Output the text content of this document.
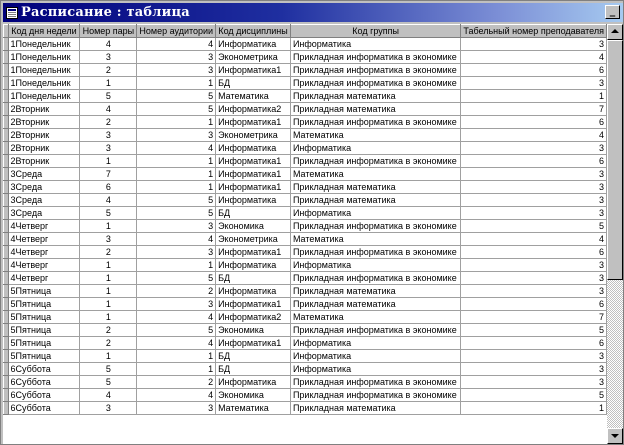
Расписание : таблица	_
	Код дня недели	Номер пары	Номер аудитории	Код дисциплины	Код группы	Табельный номер преподавателя
	1Понедельник	4	4	Информатика	Информатика	3
	1Понедельник	3	3	Эконометрика	Прикладная информатика в экономике	4
	1Понедельник	2	3	Информатика1	Прикладная информатика в экономике	6
	1Понедельник	1	1	БД	Прикладная информатика в экономике	3
	1Понедельник	5	5	Математика	Прикладная математика	1
	2Вторник	4	5	Информатика2	Прикладная математика	7
	2Вторник	2	1	Информатика1	Прикладная информатика в экономике	6
	2Вторник	3	3	Эконометрика	Математика	4
	2Вторник	3	4	Информатика	Информатика	3
	2Вторник	1	1	Информатика1	Прикладная информатика в экономике	6
	3Среда	7	1	Информатика1	Математика	3
	3Среда	6	1	Информатика1	Прикладная математика	3
	3Среда	4	5	Информатика	Прикладная математика	3
	3Среда	5	5	БД	Информатика	3
	4Четверг	1	3	Экономика	Прикладная информатика в экономике	5
	4Четверг	3	4	Эконометрика	Математика	4
	4Четверг	2	3	Информатика1	Прикладная информатика в экономике	6
	4Четверг	1	1	Информатика	Информатика	3
	4Четверг	1	5	БД	Прикладная информатика в экономике	3
	5Пятница	1	2	Информатика	Прикладная математика	3
	5Пятница	1	3	Информатика1	Прикладная математика	6
	5Пятница	1	4	Информатика2	Математика	7
	5Пятница	2	5	Экономика	Прикладная информатика в экономике	5
	5Пятница	2	4	Информатика1	Информатика	6
	5Пятница	1	1	БД	Информатика	3
	6Суббота	5	1	БД	Информатика	3
	6Суббота	5	2	Информатика	Прикладная информатика в экономике	3
	6Суббота	4	4	Экономика	Прикладная информатика в экономике	5
	6Суббота	3	3	Математика	Прикладная математика	1
